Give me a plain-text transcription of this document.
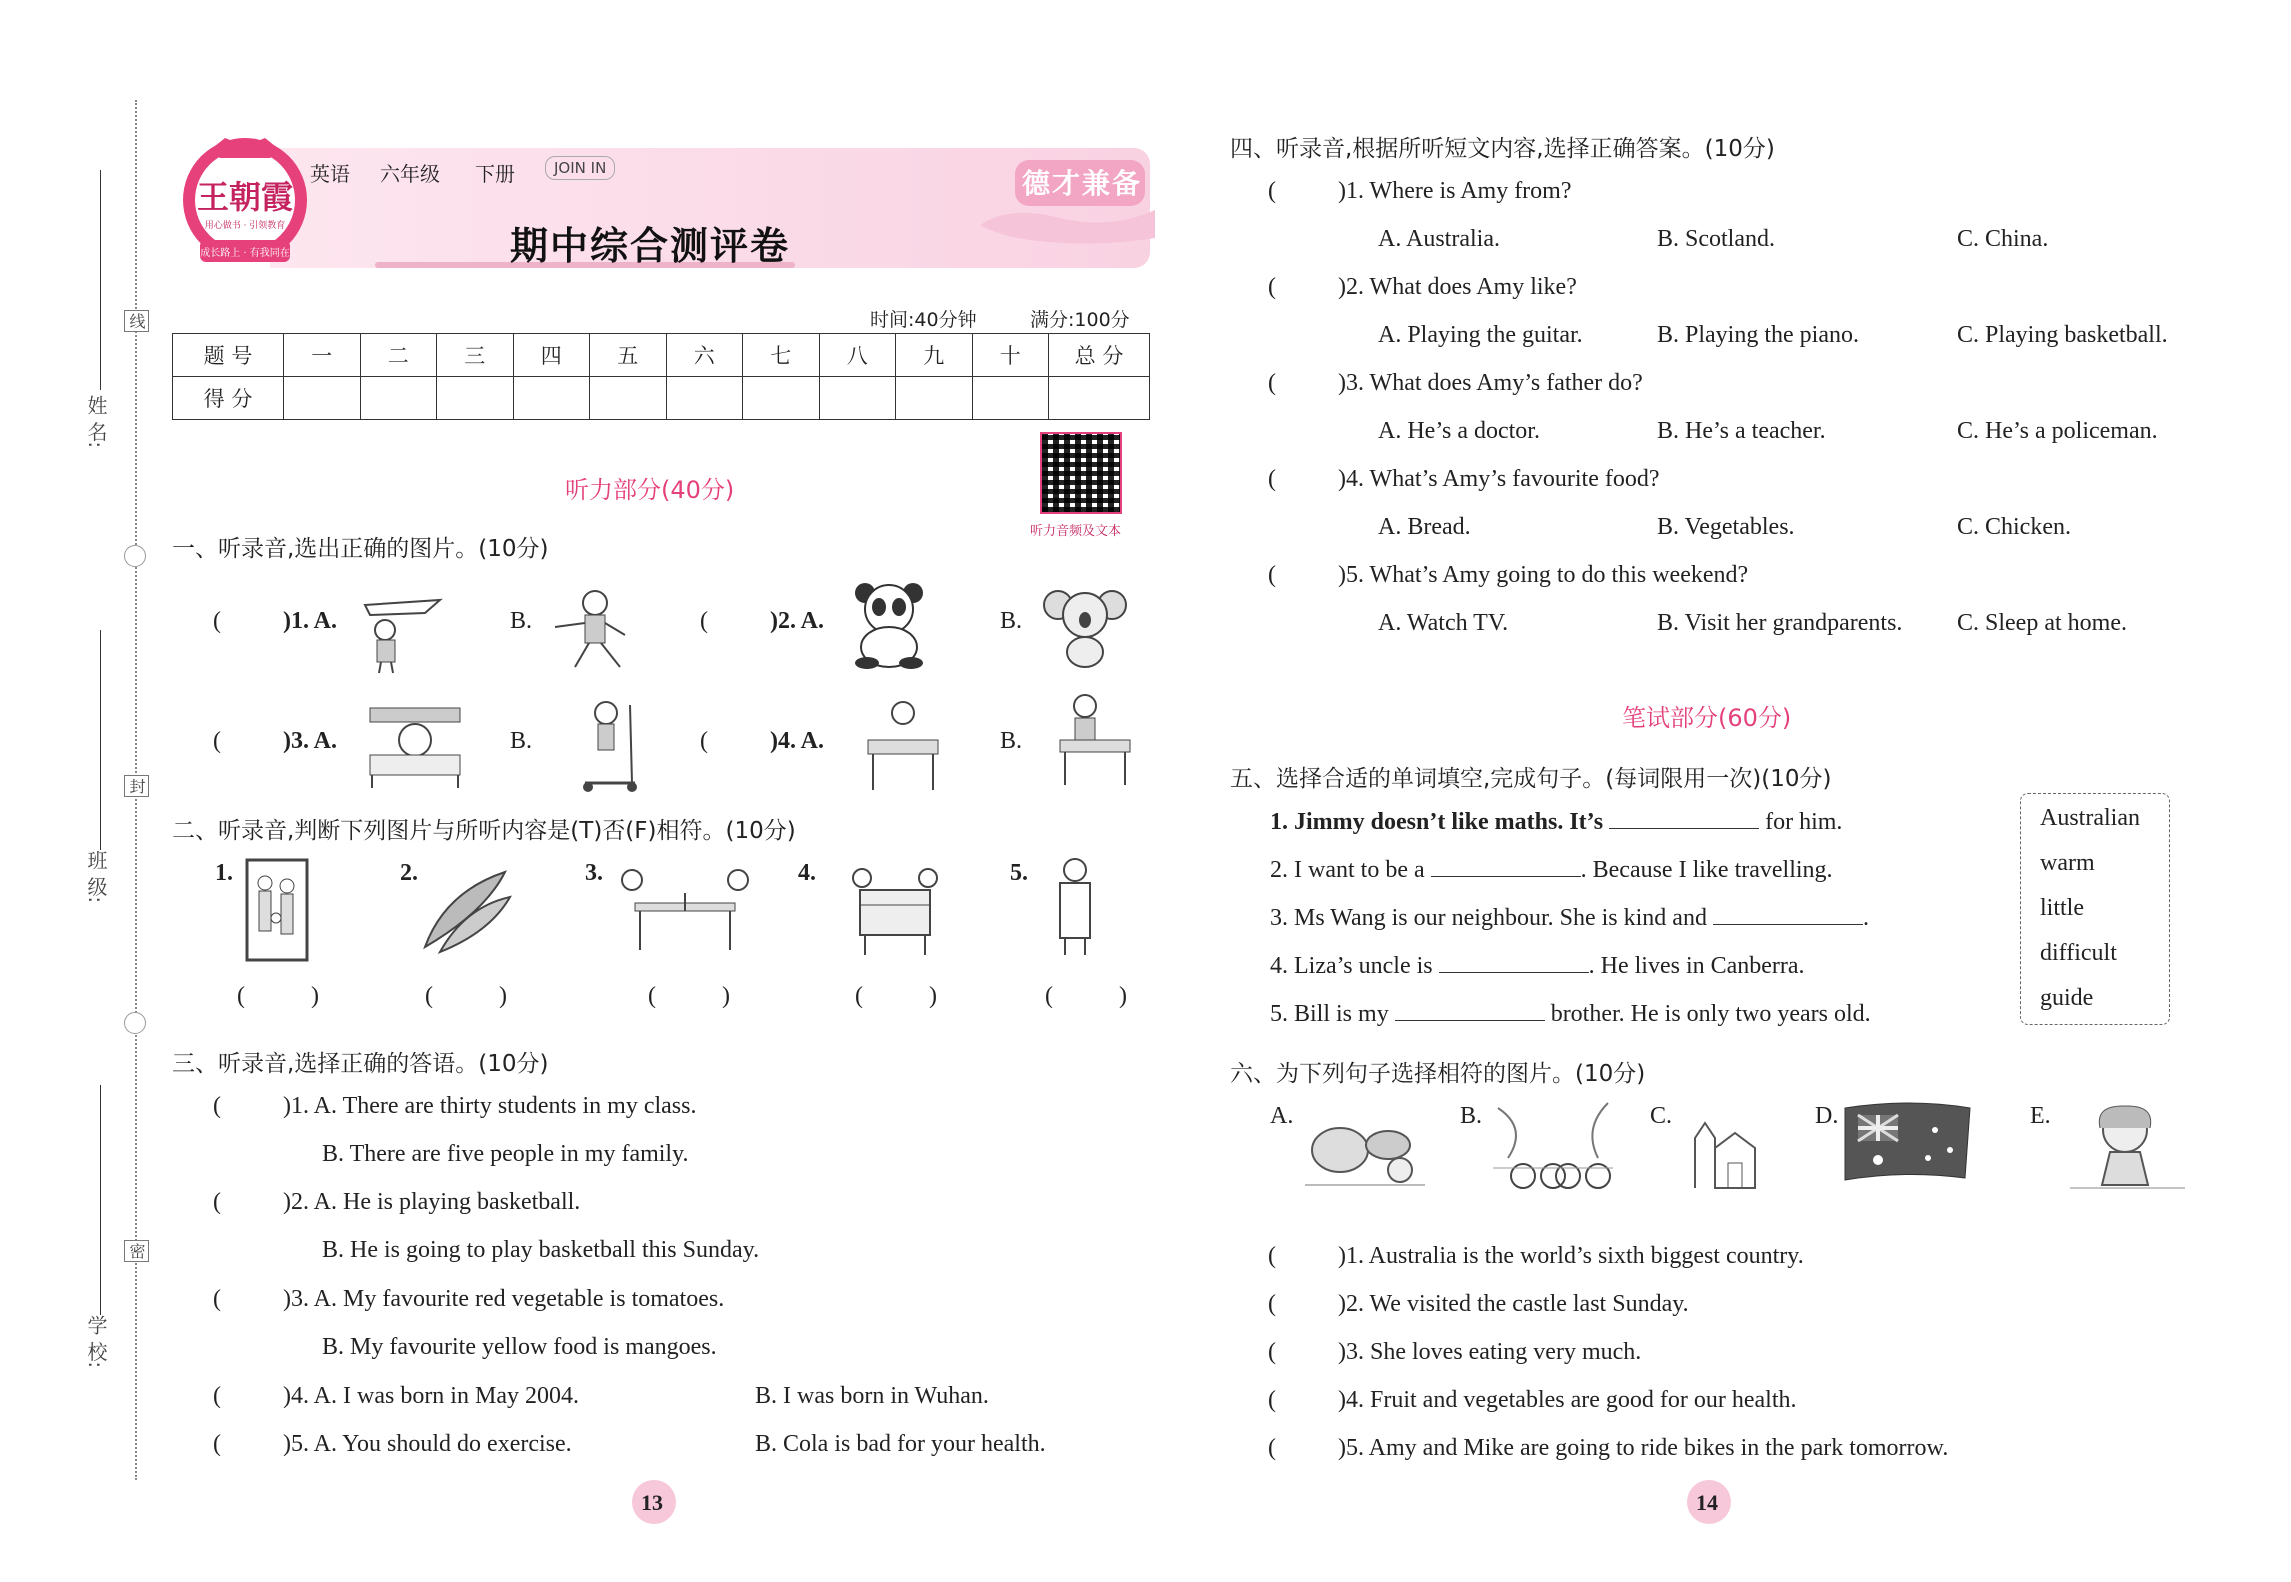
姓 名:
班 级:
学 校:
线
封
密
王朝霞
用心做书 · 引领教育
成长路上 · 有我同在
英语 六年级 下册	JOIN IN
期中综合测评卷
德才兼备
时间:40分钟	满分:100分
题 号	一	二	三	四	五	六	七	八	九	十	总 分
得 分											
听力音频及文本
听力部分(40分)
一、听录音,选出正确的图片。(10分)
(	)1. A.	B.	(	)2. A.	B.
(	)3. A.	B.	(	)4. A.	B.
二、听录音,判断下列图片与所听内容是(T)否(F)相符。(10分)
1.	2.	3.	4.	5.
( )	( )	( )	( )	( )
三、听录音,选择正确的答语。(10分)
(	)1. A. There are thirty students in my class.
B. There are five people in my family.
(	)2. A. He is playing basketball.
B. He is going to play basketball this Sunday.
(	)3. A. My favourite red vegetable is tomatoes.
B. My favourite yellow food is mangoes.
(	)4. A. I was born in May 2004.	B. I was born in Wuhan.
(	)5. A. You should do exercise.	B. Cola is bad for your health.
13
四、听录音,根据所听短文内容,选择正确答案。(10分)
(	)1. Where is Amy from?
A. Australia.	B. Scotland.	C. China.
(	)2. What does Amy like?
A. Playing the guitar.	B. Playing the piano.	C. Playing basketball.
(	)3. What does Amy’s father do?
A. He’s a doctor.	B. He’s a teacher.	C. He’s a policeman.
(	)4. What’s Amy’s favourite food?
A. Bread.	B. Vegetables.	C. Chicken.
(	)5. What’s Amy going to do this weekend?
A. Watch TV.	B. Visit her grandparents. C. Sleep at home.
笔试部分(60分)
五、选择合适的单词填空,完成句子。(每词限用一次)(10分)
1. Jimmy doesn’t like maths. It’s	for him.
2. I want to be a	. Because I like travelling.
3. Ms Wang is our neighbour. She is kind and	.
4. Liza’s uncle is	. He lives in Canberra.
5. Bill is my	brother. He is only two years old.
Australian
warm
little
difficult
guide
六、为下列句子选择相符的图片。(10分)
A.	B.	C.	D.	E.
(	)1. Australia is the world’s sixth biggest country.
(	)2. We visited the castle last Sunday.
(	)3. She loves eating very much.
(	)4. Fruit and vegetables are good for our health.
(	)5. Amy and Mike are going to ride bikes in the park tomorrow.
14
